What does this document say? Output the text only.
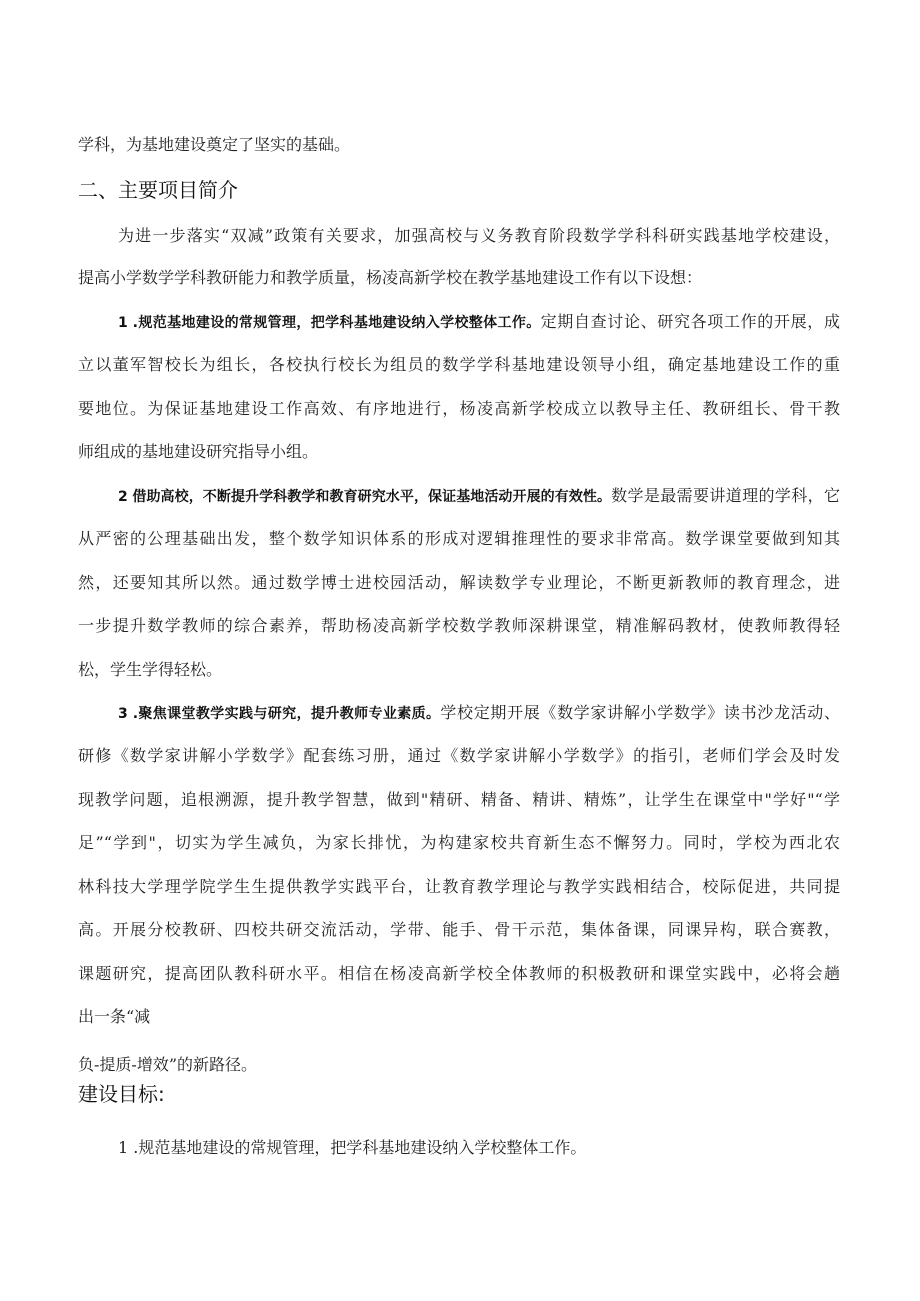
学科，为基地建设奠定了坚实的基础。
二、主要项目简介
为进一步落实“双减”政策有关要求，加强高校与义务教育阶段数学学科科研实践基地学校建设，
提高小学数学学科教研能力和教学质量，杨凌高新学校在教学基地建设工作有以下设想：
1 .规范基地建设的常规管理，把学科基地建设纳入学校整体工作。定期自查讨论、研究各项工作的开展，成
立以董军智校长为组长，各校执行校长为组员的数学学科基地建设领导小组，确定基地建设工作的重
要地位。为保证基地建设工作高效、有序地进行，杨凌高新学校成立以教导主任、教研组长、骨干教
师组成的基地建设研究指导小组。
2 借助高校，不断提升学科教学和教育研究水平，保证基地活动开展的有效性。数学是最需要讲道理的学科，它
从严密的公理基础出发，整个数学知识体系的形成对逻辑推理性的要求非常高。数学课堂要做到知其
然，还要知其所以然。通过数学博士进校园活动，解读数学专业理论，不断更新教师的教育理念，进
一步提升数学教师的综合素养，帮助杨凌高新学校数学教师深耕课堂，精准解码教材，使教师教得轻
松，学生学得轻松。
3 .聚焦课堂教学实践与研究，提升教师专业素质。学校定期开展《数学家讲解小学数学》读书沙龙活动、
研修《数学家讲解小学数学》配套练习册，通过《数学家讲解小学数学》的指引，老师们学会及时发
现教学问题，追根溯源，提升教学智慧，做到"精研、精备、精讲、精炼”，让学生在课堂中"学好"“学
足”“学到"，切实为学生减负，为家长排忧，为构建家校共育新生态不懈努力。同时，学校为西北农
林科技大学理学院学生生提供教学实践平台，让教育教学理论与教学实践相结合，校际促进，共同提
高。开展分校教研、四校共研交流活动，学带、能手、骨干示范，集体备课，同课异构，联合赛教，
课题研究，提高团队教科研水平。相信在杨凌高新学校全体教师的积极教研和课堂实践中，必将会趟
出一条“减
负-提质-增效”的新路径。
建设目标:
1 .规范基地建设的常规管理，把学科基地建设纳入学校整体工作。
